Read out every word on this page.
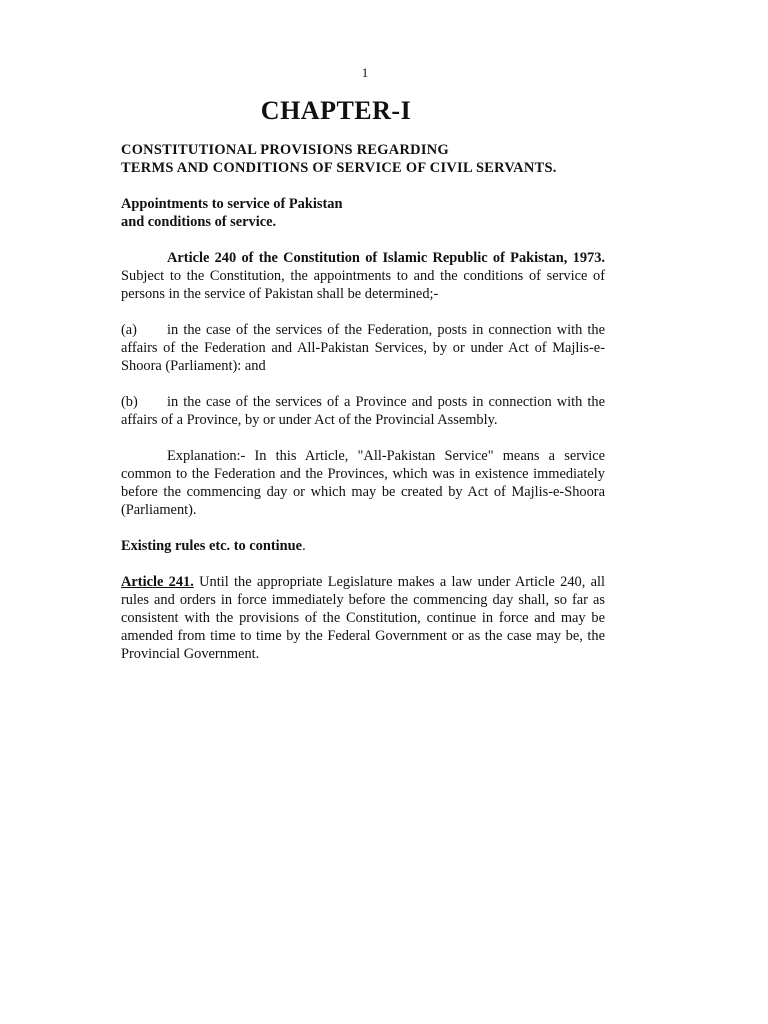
1
CHAPTER-I
CONSTITUTIONAL PROVISIONS REGARDING
TERMS AND CONDITIONS OF SERVICE OF CIVIL SERVANTS.
Appointments to service of Pakistan
and conditions of service.

Article 240 of the Constitution of Islamic Republic of Pakistan, 1973. Subject to the Constitution, the appointments to and the conditions of service of persons in the service of Pakistan shall be determined;-

(a) in the case of the services of the Federation, posts in connection with the affairs of the Federation and All-Pakistan Services, by or under Act of Majlis-e-Shoora (Parliament): and

(b) in the case of the services of a Province and posts in connection with the affairs of a Province, by or under Act of the Provincial Assembly.

Explanation:- In this Article, "All-Pakistan Service" means a service common to the Federation and the Provinces, which was in existence immediately before the commencing day or which may be created by Act of Majlis-e-Shoora (Parliament).

Existing rules etc. to continue.

Article 241. Until the appropriate Legislature makes a law under Article 240, all rules and orders in force immediately before the commencing day shall, so far as consistent with the provisions of the Constitution, continue in force and may be amended from time to time by the Federal Government or as the case may be, the Provincial Government.
